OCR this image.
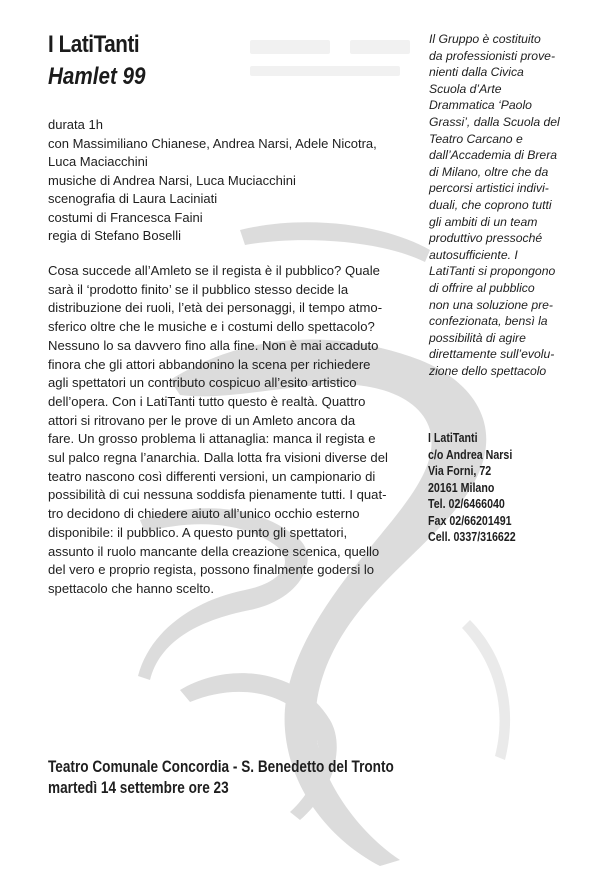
I LatiTanti
Hamlet 99
durata 1h
con Massimiliano Chianese, Andrea Narsi, Adele Nicotra,
Luca Maciacchini
musiche di Andrea Narsi, Luca Muciacchini
scenografia di Laura Laciniati
costumi di Francesca Faini
regia di Stefano Boselli
Cosa succede all’Amleto se il regista è il pubblico? Quale
sarà il ‘prodotto finito’ se il pubblico stesso decide la
distribuzione dei ruoli, l’età dei personaggi, il tempo atmo-
sferico oltre che le musiche e i costumi dello spettacolo?
Nessuno lo sa davvero fino alla fine. Non è mai accaduto
finora che gli attori abbandonino la scena per richiedere
agli spettatori un contributo cospicuo all’esito artistico
dell’opera. Con i LatiTanti tutto questo è realtà. Quattro
attori si ritrovano per le prove di un Amleto ancora da
fare. Un grosso problema li attanaglia: manca il regista e
sul palco regna l’anarchia. Dalla lotta fra visioni diverse del
teatro nascono così differenti versioni, un campionario di
possibilità di cui nessuna soddisfa pienamente tutti. I quat-
tro decidono di chiedere aiuto all’unico occhio esterno
disponibile: il pubblico. A questo punto gli spettatori,
assunto il ruolo mancante della creazione scenica, quello
del vero e proprio regista, possono finalmente godersi lo
spettacolo che hanno scelto.
Il Gruppo è costituito
da professionisti prove-
nienti dalla Civica
Scuola d’Arte
Drammatica ‘Paolo
Grassi’, dalla Scuola del
Teatro Carcano e
dall’Accademia di Brera
di Milano, oltre che da
percorsi artistici indivi-
duali, che coprono tutti
gli ambiti di un team
produttivo pressoché
autosufficiente. I
LatiTanti si propongono
di offrire al pubblico
non una soluzione pre-
confezionata, bensì la
possibilità di agire
direttamente sull’evolu-
zione dello spettacolo
I LatiTanti
c/o Andrea Narsi
Via Forni, 72
20161 Milano
Tel. 02/6466040
Fax 02/66201491
Cell. 0337/316622
Teatro Comunale Concordia - S. Benedetto del Tronto
martedì 14 settembre ore 23
